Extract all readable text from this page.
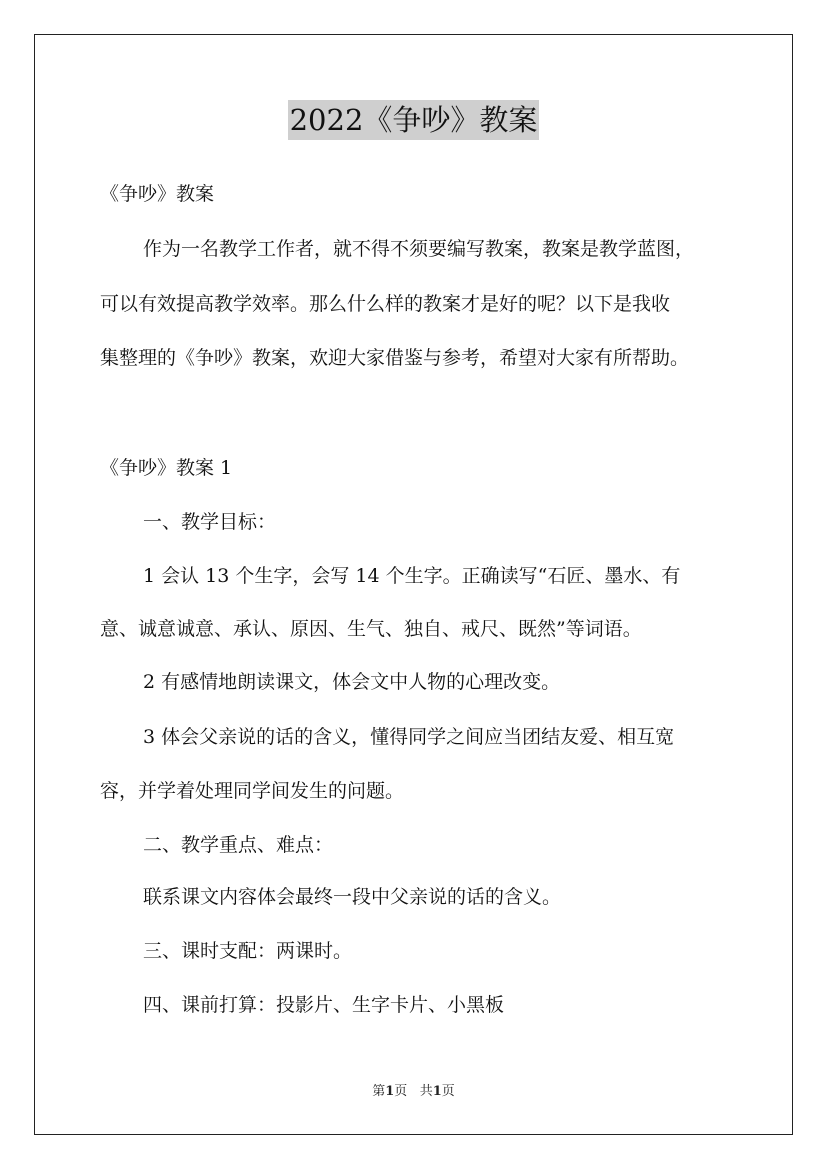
2022《争吵》教案
《争吵》教案
作为一名教学工作者，就不得不须要编写教案，教案是教学蓝图，
可以有效提高教学效率。那么什么样的教案才是好的呢？以下是我收
集整理的《争吵》教案，欢迎大家借鉴与参考，希望对大家有所帮助。
《争吵》教案 1
一、教学目标：
1 会认 13 个生字，会写 14 个生字。正确读写“石匠、墨水、有
意、诚意诚意、承认、原因、生气、独自、戒尺、既然”等词语。
2 有感情地朗读课文，体会文中人物的心理改变。
3 体会父亲说的话的含义，懂得同学之间应当团结友爱、相互宽
容，并学着处理同学间发生的问题。
二、教学重点、难点：
联系课文内容体会最终一段中父亲说的话的含义。
三、课时支配：两课时。
四、课前打算：投影片、生字卡片、小黑板
第1页 共1页
